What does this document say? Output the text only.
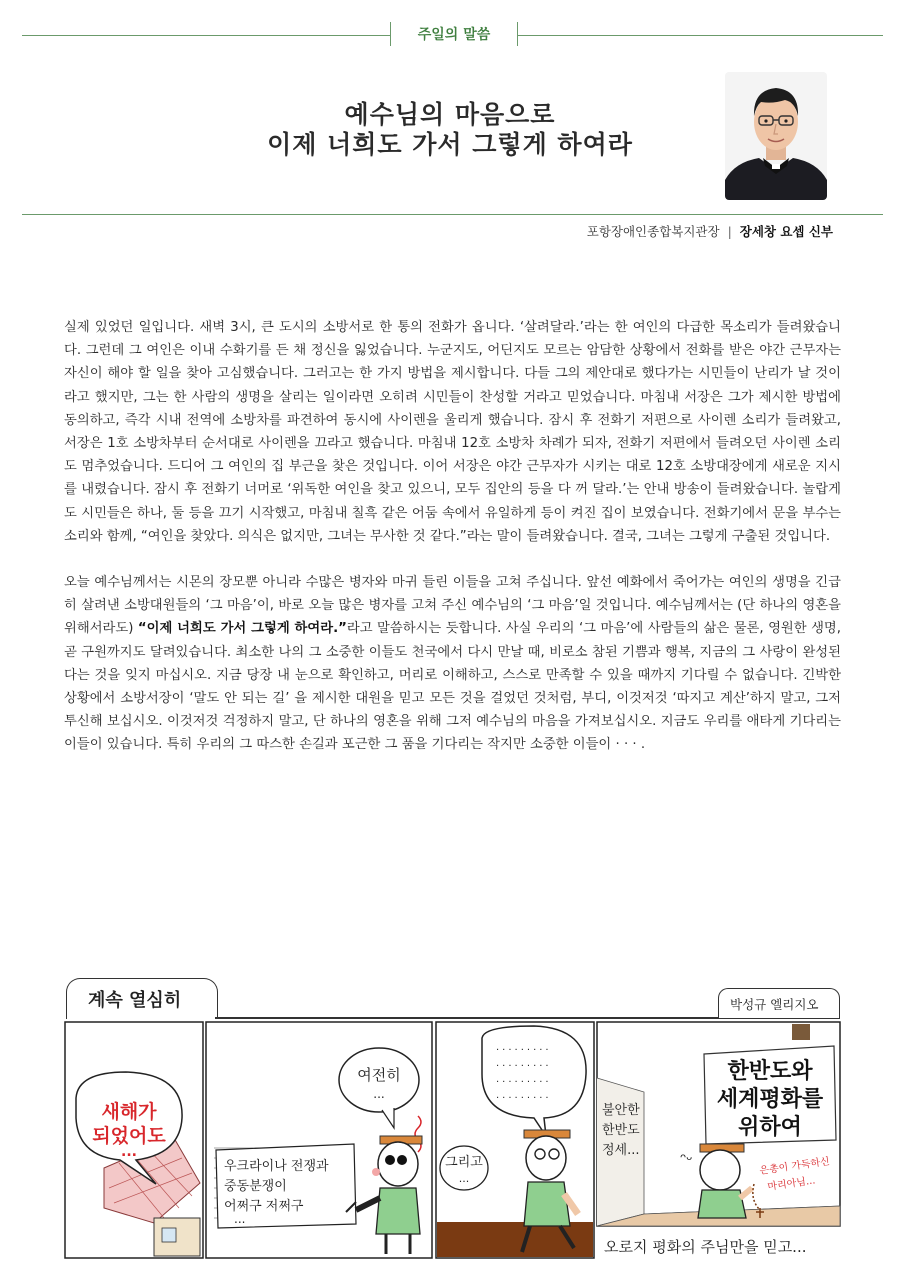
주일의 말씀
예수님의 마음으로
이제 너희도 가서 그렇게 하여라
포항장애인종합복지관장 | 장세창 요셉 신부

실제 있었던 일입니다. 새벽 3시, 큰 도시의 소방서로 한 통의 전화가 옵니다. ‘살려달라.’라는 한 여인의 다급한 목소리가 들려왔습니다. 그런데 그 여인은 이내 수화기를 든 채 정신을 잃었습니다. 누군지도, 어딘지도 모르는 암담한 상황에서 전화를 받은 야간 근무자는 자신이 해야 할 일을 찾아 고심했습니다. 그러고는 한 가지 방법을 제시합니다. 다들 그의 제안대로 했다가는 시민들이 난리가 날 것이라고 했지만, 그는 한 사람의 생명을 살리는 일이라면 오히려 시민들이 찬성할 거라고 믿었습니다. 마침내 서장은 그가 제시한 방법에 동의하고, 즉각 시내 전역에 소방차를 파견하여 동시에 사이렌을 울리게 했습니다. 잠시 후 전화기 저편으로 사이렌 소리가 들려왔고, 서장은 1호 소방차부터 순서대로 사이렌을 끄라고 했습니다. 마침내 12호 소방차 차례가 되자, 전화기 저편에서 들려오던 사이렌 소리도 멈추었습니다. 드디어 그 여인의 집 부근을 찾은 것입니다. 이어 서장은 야간 근무자가 시키는 대로 12호 소방대장에게 새로운 지시를 내렸습니다. 잠시 후 전화기 너머로 ‘위독한 여인을 찾고 있으니, 모두 집안의 등을 다 꺼 달라.’는 안내 방송이 들려왔습니다. 놀랍게도 시민들은 하나, 둘 등을 끄기 시작했고, 마침내 칠흑 같은 어둠 속에서 유일하게 등이 켜진 집이 보였습니다. 전화기에서 문을 부수는 소리와 함께, “여인을 찾았다. 의식은 없지만, 그녀는 무사한 것 같다.”라는 말이 들려왔습니다. 결국, 그녀는 그렇게 구출된 것입니다.

오늘 예수님께서는 시몬의 장모뿐 아니라 수많은 병자와 마귀 들린 이들을 고쳐 주십니다. 앞선 예화에서 죽어가는 여인의 생명을 긴급히 살려낸 소방대원들의 ‘그 마음’이, 바로 오늘 많은 병자를 고쳐 주신 예수님의 ‘그 마음’일 것입니다. 예수님께서는 (단 하나의 영혼을 위해서라도) “이제 너희도 가서 그렇게 하여라.”라고 말씀하시는 듯합니다. 사실 우리의 ‘그 마음’에 사람들의 삶은 물론, 영원한 생명, 곧 구원까지도 달려있습니다. 최소한 나의 그 소중한 이들도 천국에서 다시 만날 때, 비로소 참된 기쁨과 행복, 지금의 그 사랑이 완성된다는 것을 잊지 마십시오. 지금 당장 내 눈으로 확인하고, 머리로 이해하고, 스스로 만족할 수 있을 때까지 기다릴 수 없습니다. 긴박한 상황에서 소방서장이 ‘말도 안 되는 길’ 을 제시한 대원을 믿고 모든 것을 걸었던 것처럼, 부디, 이것저것 ‘따지고 계산’하지 말고, 그저 투신해 보십시오. 이것저것 걱정하지 말고, 단 하나의 영혼을 위해 그저 예수님의 마음을 가져보십시오. 지금도 우리를 애타게 기다리는 이들이 있습니다. 특히 우리의 그 따스한 손길과 포근한 그 품을 기다리는 작지만 소중한 이들이 · · · .

계속 열심히	박성규 엘리지오
새해가
되었어도
...
우크라이나 전쟁과
중동분쟁이
어쩌구 저쩌구
...
여전히
...
.........
.........
.........
.........
그리고
...
한반도와
세계평화를
위하여
불안한
한반도
정세...	ᴖᴗ	은총이 가득하신
마리아님...
오로지 평화의 주님만을 믿고...
